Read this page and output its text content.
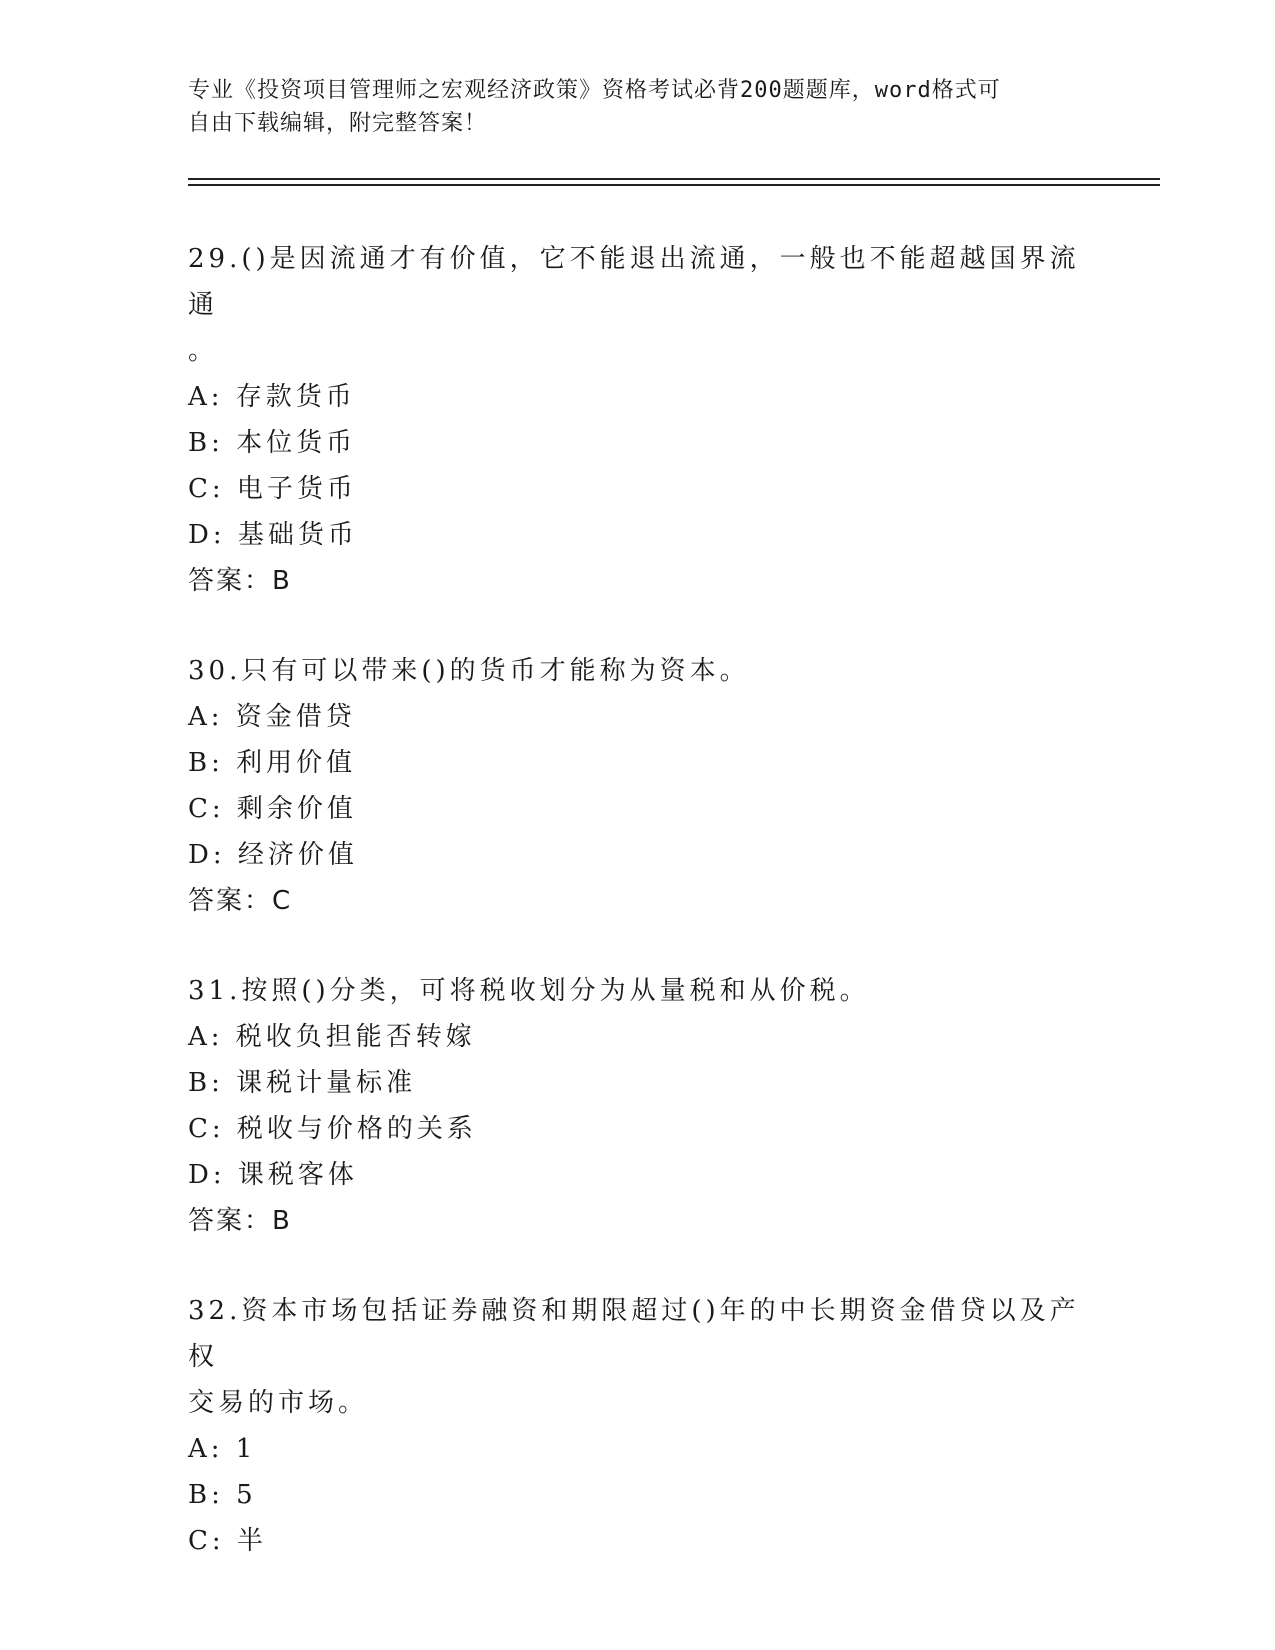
专业《投资项目管理师之宏观经济政策》资格考试必背200题题库，word格式可
自由下载编辑，附完整答案！
29.()是因流通才有价值，它不能退出流通，一般也不能超越国界流通
。
A: 存款货币
B: 本位货币
C: 电子货币
D: 基础货币
答案：B
30.只有可以带来()的货币才能称为资本。
A: 资金借贷
B: 利用价值
C: 剩余价值
D: 经济价值
答案：C
31.按照()分类，可将税收划分为从量税和从价税。
A: 税收负担能否转嫁
B: 课税计量标准
C: 税收与价格的关系
D: 课税客体
答案：B
32.资本市场包括证券融资和期限超过()年的中长期资金借贷以及产权
交易的市场。
A: 1
B: 5
C: 半
